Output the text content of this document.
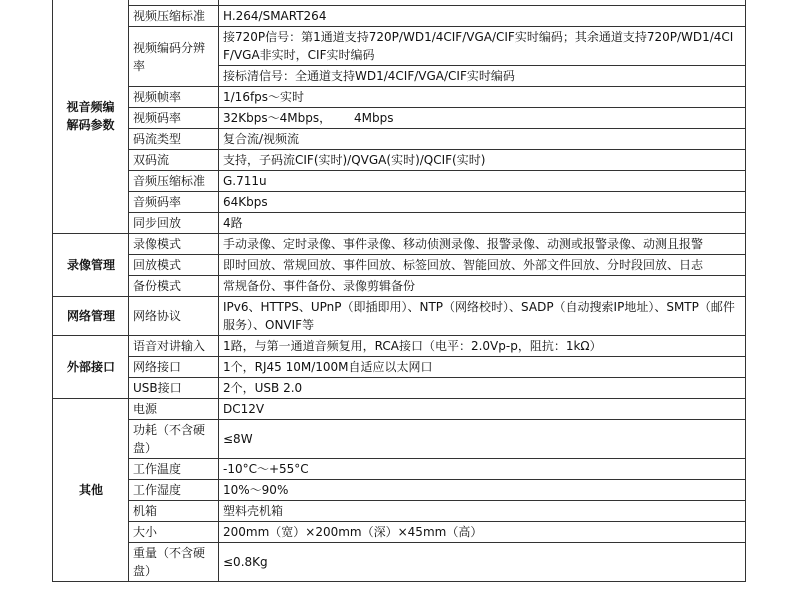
视音频编解码参数		
	视频压缩标准	H.264/SMART264
	视频编码分辨率	接720P信号：第1通道支持720P/WD1/4CIF/VGA/CIF实时编码；其余通道支持720P/WD1/4CIF/VGA非实时，CIF实时编码
		接标清信号：全通道支持WD1/4CIF/VGA/CIF实时编码
	视频帧率	1/16fps～实时
	视频码率	32Kbps～4Mbps，      4Mbps
	码流类型	复合流/视频流
	双码流	支持，子码流CIF(实时)/QVGA(实时)/QCIF(实时)
	音频压缩标准	G.711u
	音频码率	64Kbps
	同步回放	4路
录像管理	录像模式	手动录像、定时录像、事件录像、移动侦测录像、报警录像、动测或报警录像、动测且报警
	回放模式	即时回放、常规回放、事件回放、标签回放、智能回放、外部文件回放、分时段回放、日志
	备份模式	常规备份、事件备份、录像剪辑备份
网络管理	网络协议	IPv6、HTTPS、UPnP（即插即用）、NTP（网络校时）、SADP（自动搜索IP地址）、SMTP（邮件服务）、ONVIF等
外部接口	语音对讲输入	1路，与第一通道音频复用，RCA接口（电平：2.0Vp-p，阻抗：1kΩ）
	网络接口	1个，RJ45 10M/100M自适应以太网口
	USB接口	2个，USB 2.0
其他	电源	DC12V
	功耗（不含硬盘）	≤8W
	工作温度	-10°C～+55°C
	工作湿度	10%～90%
	机箱	塑料壳机箱
	大小	200mm（宽）×200mm（深）×45mm（高）
	重量（不含硬盘）	≤0.8Kg
